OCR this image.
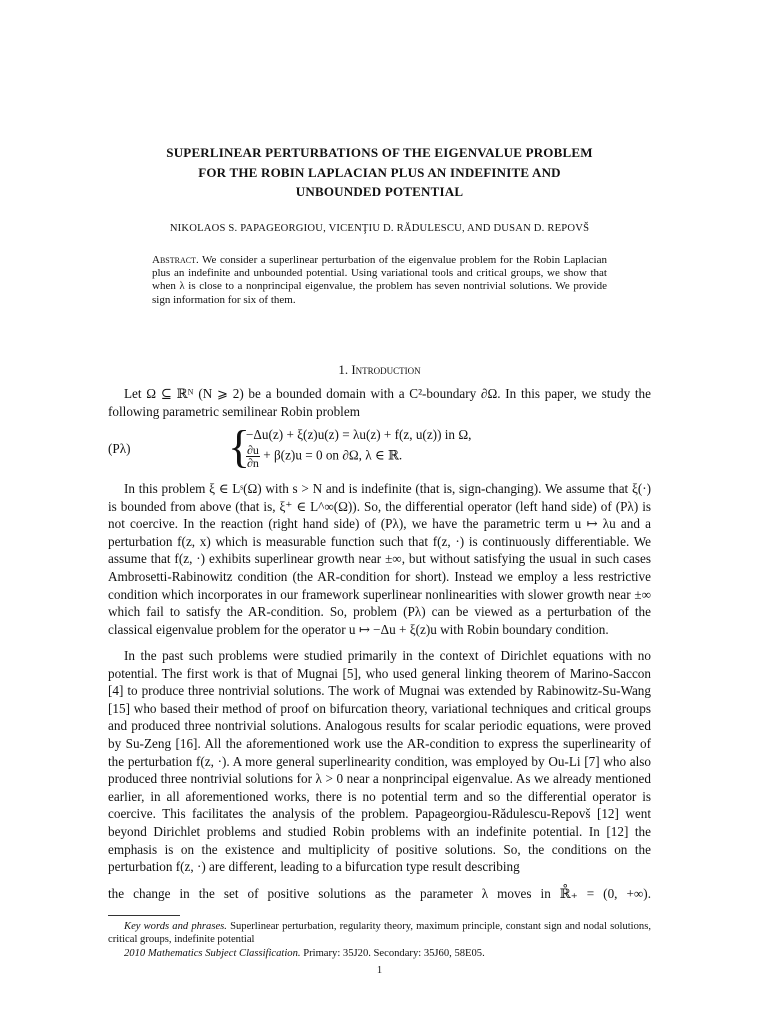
SUPERLINEAR PERTURBATIONS OF THE EIGENVALUE PROBLEM
FOR THE ROBIN LAPLACIAN PLUS AN INDEFINITE AND
UNBOUNDED POTENTIAL
NIKOLAOS S. PAPAGEORGIOU, VICENŢIU D. RĂDULESCU, AND DUSAN D. REPOVŠ
Abstract. We consider a superlinear perturbation of the eigenvalue problem for the Robin Laplacian plus an indefinite and unbounded potential. Using variational tools and critical groups, we show that when λ is close to a nonprincipal eigenvalue, the problem has seven nontrivial solutions. We provide sign information for six of them.
1. Introduction
Let Ω ⊆ ℝᴺ (N ⩾ 2) be a bounded domain with a C²-boundary ∂Ω. In this paper, we study the following parametric semilinear Robin problem
(Pλ) {
−Δu(z) + ξ(z)u(z) = λu(z) + f(z, u(z)) in Ω,
$\frac{\partial u}{\partial n} + \beta(z)u = 0$ on ∂Ω, λ ∈ ℝ.
In this problem ξ ∈ Lˢ(Ω) with s > N and is indefinite (that is, sign-changing). We assume that ξ(·) is bounded from above (that is, ξ⁺ ∈ L^∞(Ω)). So, the differential operator (left hand side) of (Pλ) is not coercive. In the reaction (right hand side) of (Pλ), we have the parametric term u ↦ λu and a perturbation f(z, x) which is measurable function such that f(z, ·) is continuously differentiable. We assume that f(z, ·) exhibits superlinear growth near ±∞, but without satisfying the usual in such cases Ambrosetti-Rabinowitz condition (the AR-condition for short). Instead we employ a less restrictive condition which incorporates in our framework superlinear nonlinearities with slower growth near ±∞ which fail to satisfy the AR-condition. So, problem (Pλ) can be viewed as a perturbation of the classical eigenvalue problem for the operator u ↦ −Δu + ξ(z)u with Robin boundary condition.
In the past such problems were studied primarily in the context of Dirichlet equations with no potential. The first work is that of Mugnai [5], who used general linking theorem of Marino-Saccon [4] to produce three nontrivial solutions. The work of Mugnai was extended by Rabinowitz-Su-Wang [15] who based their method of proof on bifurcation theory, variational techniques and critical groups and produced three nontrivial solutions. Analogous results for scalar periodic equations, were proved by Su-Zeng [16]. All the aforementioned work use the AR-condition to express the superlinearity of the perturbation f(z, ·). A more general superlinearity condition, was employed by Ou-Li [7] who also produced three nontrivial solutions for λ > 0 near a nonprincipal eigenvalue. As we already mentioned earlier, in all aforementioned works, there is no potential term and so the differential operator is coercive. This facilitates the analysis of the problem. Papageorgiou-Rădulescu-Repovš [12] went beyond Dirichlet problems and studied Robin problems with an indefinite potential. In [12] the emphasis is on the existence and multiplicity of positive solutions. So, the conditions on the perturbation f(z, ·) are different, leading to a bifurcation type result describing
the change in the set of positive solutions as the parameter λ moves in ℝ̊₊ = (0, +∞).
Key words and phrases. Superlinear perturbation, regularity theory, maximum principle, constant sign and nodal solutions, critical groups, indefinite potential
2010 Mathematics Subject Classification. Primary: 35J20. Secondary: 35J60, 58E05.
1
